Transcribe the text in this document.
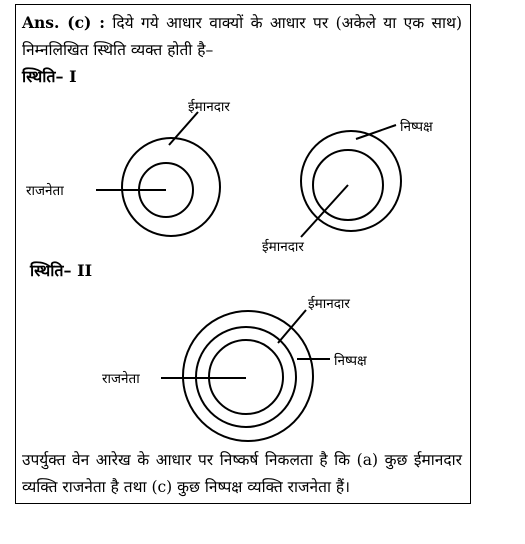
Ans. (c) : दिये गये आधार वाक्यों के आधार पर (अकेले या एक साथ) निम्नलिखित स्थिति व्यक्त होती है–
स्थिति– I
ईमानदार
राजनेता
निष्पक्ष
ईमानदार
ईमानदार
निष्पक्ष
राजनेता
स्थिति– II
उपर्युक्त वेन आरेख के आधार पर निष्कर्ष निकलता है कि (a) कुछ ईमानदार व्यक्ति राजनेता है तथा (c) कुछ निष्पक्ष व्यक्ति राजनेता हैं।
